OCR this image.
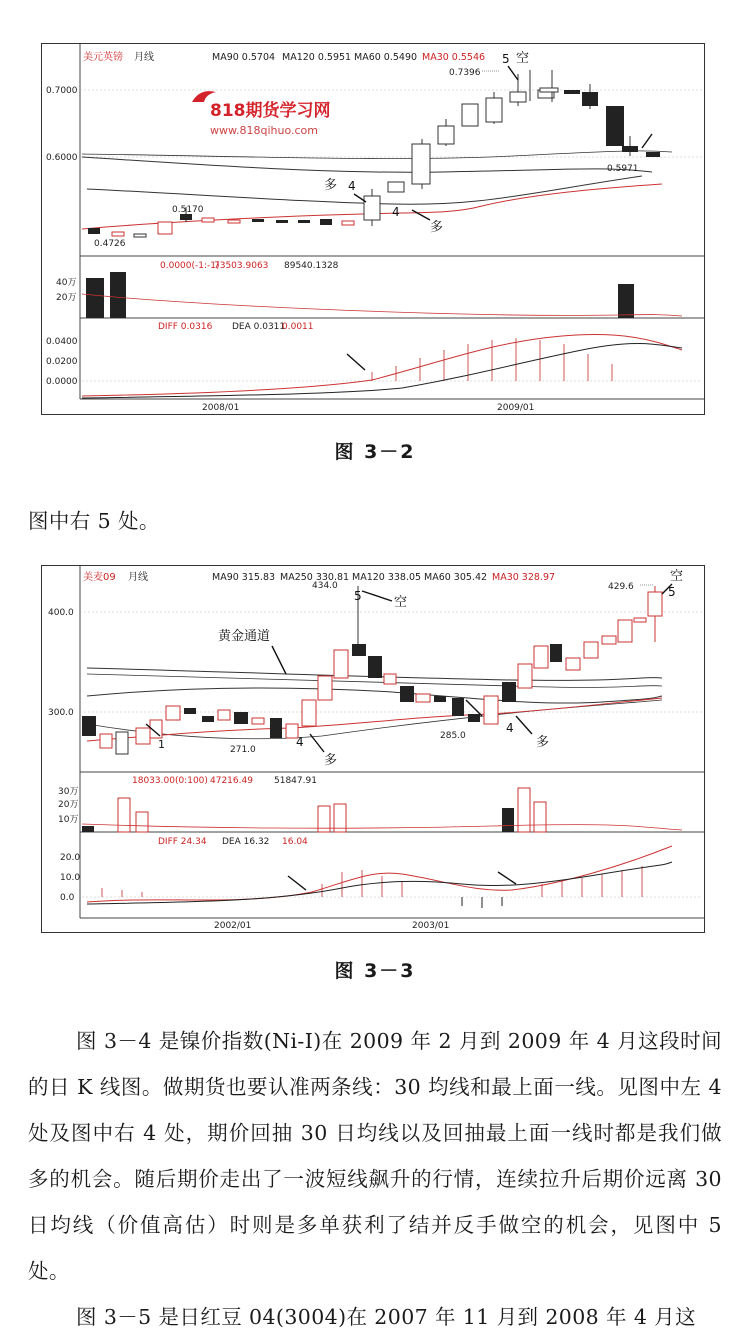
美元英镑 月线	MA90 0.5704 MA120 0.5951 MA60 0.5490 MA30 0.5546
0.7000
0.6000
818期货学习网
www.818qihuo.com
0.4726
0.5170
0.7396
0.5971
5 空
多 4
4
多
0.0000(-1:-1)
73503.9063 89540.1328
40万
20万
DIFF 0.0316 DEA 0.0311
0.0011
0.0400
0.0200
0.0000
2008/01	2009/01
图 3－2

图中右 5 处。

美麦09 月线	MA90 315.83 MA250 330.81 MA120 338.05 MA60 305.42 MA30 328.97
400.0
300.0
434.0	429.6
5 空
空
5
黄金通道
1	271.0
4
多
285.0
4
多
18033.00(0:100) 47216.49 51847.91
30万
20万
10万
DIFF 24.34 DEA 16.32 16.04
20.0
10.0
0.0
2002/01	2003/01
图 3－3

图 3－4 是镍价指数(Ni-I)在 2009 年 2 月到 2009 年 4 月这段时间的日 K 线图。做期货也要认准两条线：30 均线和最上面一线。见图中左 4 处及图中右 4 处，期价回抽 30 日均线以及回抽最上面一线时都是我们做多的机会。随后期价走出了一波短线飙升的行情，连续拉升后期价远离 30 日均线（价值高估）时则是多单获利了结并反手做空的机会，见图中 5 处。

图 3－5 是日红豆 04(3004)在 2007 年 11 月到 2008 年 4 月这
